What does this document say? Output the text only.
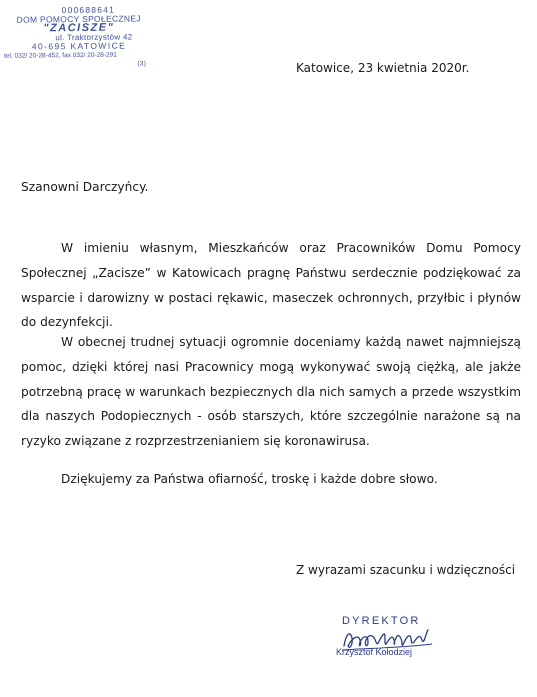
000688641
DOM POMOCY SPOŁECZNEJ
"ZACISZE"
ul. Traktorzystów 42
40-695 KATOWICE
tel. 032/ 20-28-452, fax 032/ 20-28-291
(3)	Katowice, 23 kwietnia 2020r.
Szanowni Darczyńcy.

W imieniu własnym, Mieszkańców oraz Pracowników Domu Pomocy Społecznej „Zacisze” w Katowicach pragnę Państwu serdecznie podziękować za wsparcie i darowizny w postaci rękawic, maseczek ochronnych, przyłbic i płynów do dezynfekcji.

W obecnej trudnej sytuacji ogromnie doceniamy każdą nawet najmniejszą pomoc, dzięki której nasi Pracownicy mogą wykonywać swoją ciężką, ale jakże potrzebną pracę w warunkach bezpiecznych dla nich samych a przede wszystkim dla naszych Podopiecznych - osób starszych, które szczególnie narażone są na ryzyko związane z rozprzestrzenianiem się koronawirusa.

Dziękujemy za Państwa ofiarność, troskę i każde dobre słowo.

Z wyrazami szacunku i wdzięczności
DYREKTOR
Krzysztof Kołodziej
